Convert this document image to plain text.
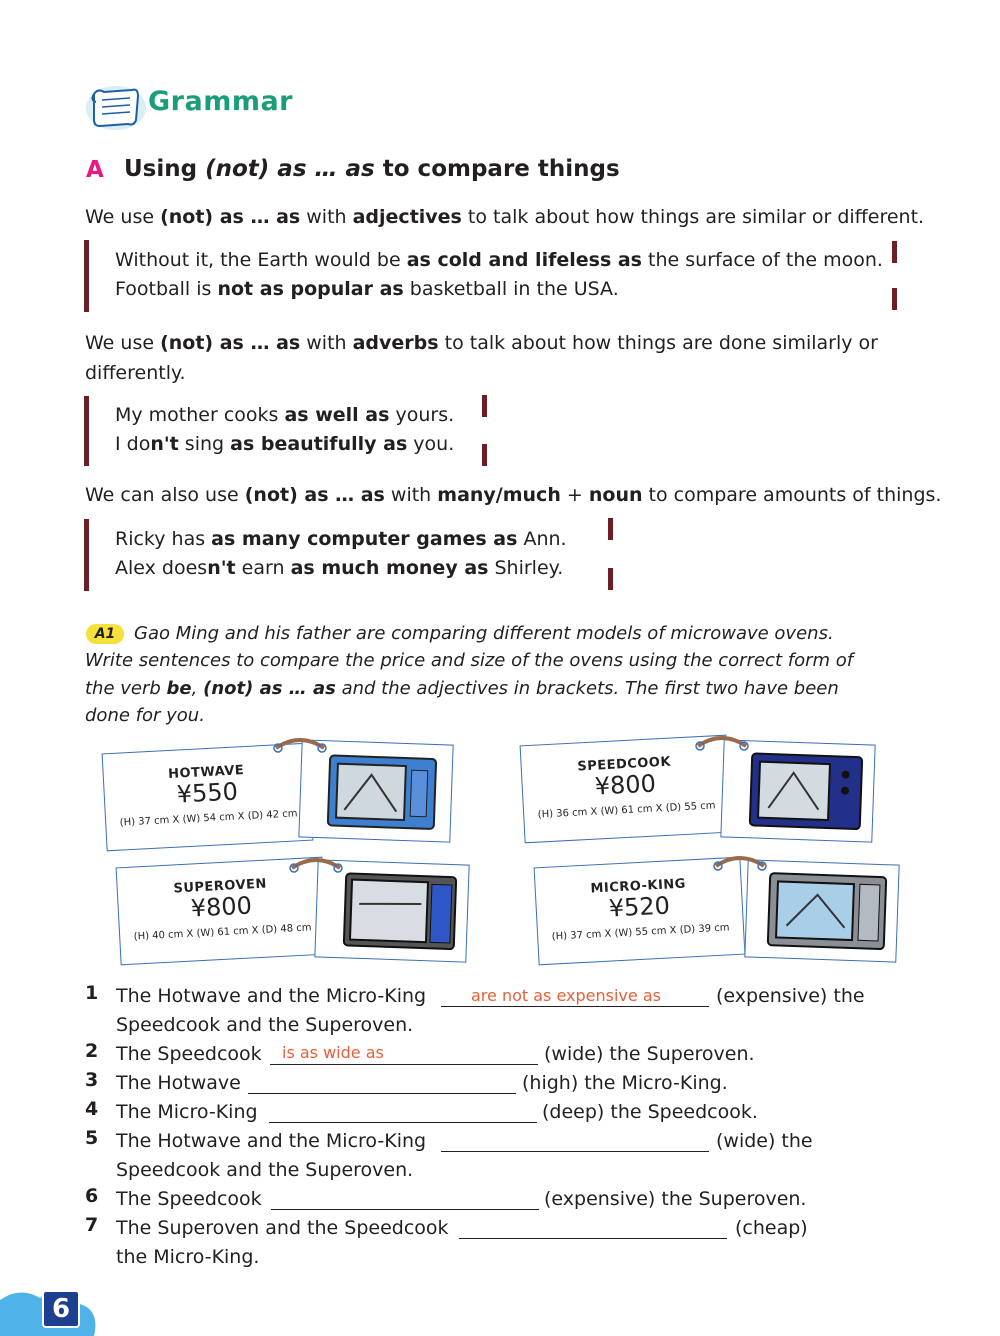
Grammar
A Using (not) as … as to compare things
We use (not) as … as with adjectives to talk about how things are similar or different.
Without it, the Earth would be as cold and lifeless as the surface of the moon.
Football is not as popular as basketball in the USA.
We use (not) as … as with adverbs to talk about how things are done similarly or
differently.
My mother cooks as well as yours.
I don't sing as beautifully as you.
We can also use (not) as … as with many/much + noun to compare amounts of things.
Ricky has as many computer games as Ann.
Alex doesn't earn as much money as Shirley.
A1	Gao Ming and his father are comparing different models of microwave ovens.
Write sentences to compare the price and size of the ovens using the correct form of
the verb be, (not) as … as and the adjectives in brackets. The first two have been
done for you.
HOTWAVE
¥550
(H) 37 cm X (W) 54 cm X (D) 42 cm
SPEEDCOOK
¥800
(H) 36 cm X (W) 61 cm X (D) 55 cm
SUPEROVEN
¥800
(H) 40 cm X (W) 61 cm X (D) 48 cm
MICRO-KING
¥520
(H) 37 cm X (W) 55 cm X (D) 39 cm
1 The Hotwave and the Micro-King	are not as expensive as	(expensive) the
Speedcook and the Superoven.
2 The Speedcook is as wide as	(wide) the Superoven.
3 The Hotwave	(high) the Micro-King.
4 The Micro-King	(deep) the Speedcook.
5 The Hotwave and the Micro-King	(wide) the
Speedcook and the Superoven.
6 The Speedcook	(expensive) the Superoven.
7 The Superoven and the Speedcook	(cheap)
the Micro-King.
6
